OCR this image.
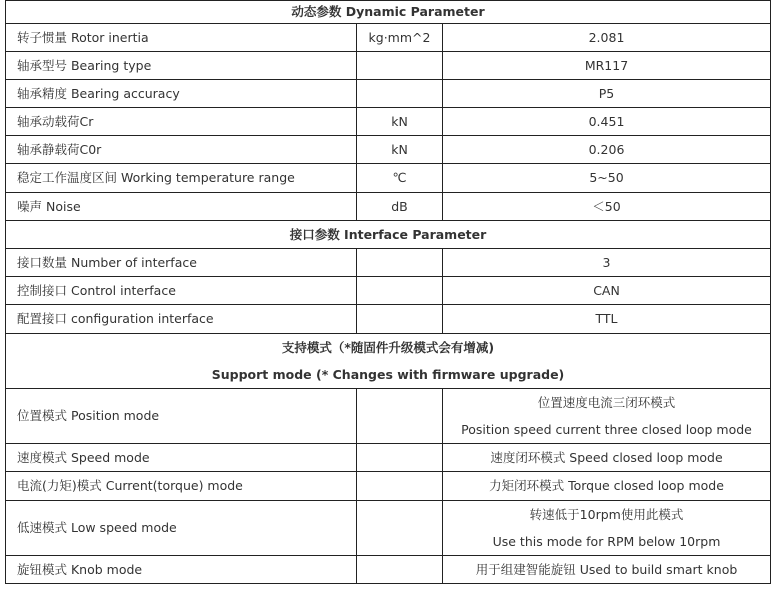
动态参数 Dynamic Parameter		

转子惯量 Rotor inertia	kg·mm^2	2.081
轴承型号 Bearing type		MR117
轴承精度 Bearing accuracy		P5
轴承动载荷Cr	kN	0.451
轴承静载荷C0r	kN	0.206
稳定工作温度区间 Working temperature range	℃	5~50
噪声 Noise	dB	＜50

接口参数 Interface Parameter		

接口数量 Number of interface		3
控制接口 Control interface		CAN
配置接口 configuration interface		TTL

支持模式（*随固件升级模式会有增减)
Support mode (* Changes with firmware upgrade)		

位置模式 Position mode		位置速度电流三闭环模式
Position speed current three closed loop mode

速度模式 Speed mode		速度闭环模式 Speed closed loop mode
电流(力矩)模式 Current(torque) mode		力矩闭环模式 Torque closed loop mode
低速模式 Low speed mode		转速低于10rpm使用此模式
Use this mode for RPM below 10rpm

旋钮模式 Knob mode		用于组建智能旋钮 Used to build smart knob
